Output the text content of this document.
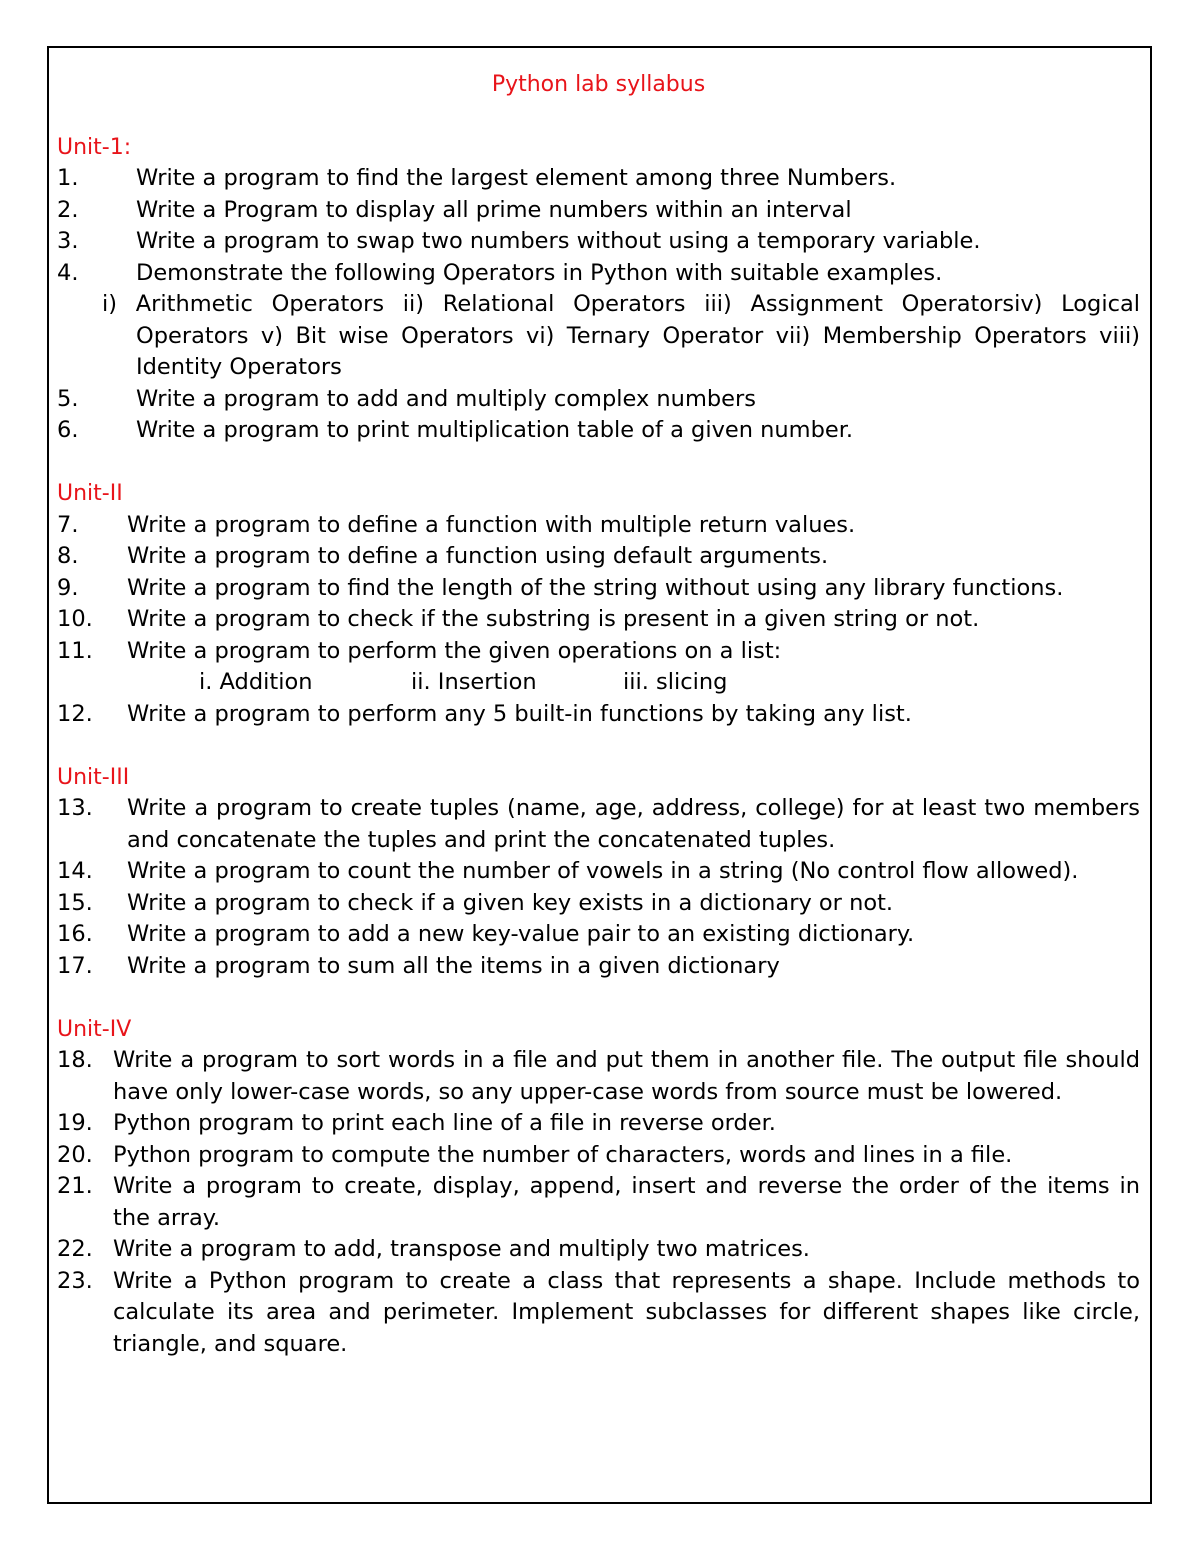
Python lab syllabus
Unit-1:
1.	Write a program to find the largest element among three Numbers.
2.	Write a Program to display all prime numbers within an interval
3.	Write a program to swap two numbers without using a temporary variable.
4.	Demonstrate the following Operators in Python with suitable examples.
i) Arithmetic Operators ii) Relational Operators iii) Assignment Operatorsiv) Logical Operators v) Bit wise Operators vi) Ternary Operator vii) Membership Operators viii) Identity Operators
5.	Write a program to add and multiply complex numbers
6.	Write a program to print multiplication table of a given number.
Unit-II
7.	Write a program to define a function with multiple return values.
8.	Write a program to define a function using default arguments.
9.	Write a program to find the length of the string without using any library functions.
10.	Write a program to check if the substring is present in a given string or not.
11.	Write a program to perform the given operations on a list:
i. Addition	ii. Insertion	iii. slicing
12.	Write a program to perform any 5 built-in functions by taking any list.
Unit-III
13.	Write a program to create tuples (name, age, address, college) for at least two members and concatenate the tuples and print the concatenated tuples.
14.	Write a program to count the number of vowels in a string (No control flow allowed).
15.	Write a program to check if a given key exists in a dictionary or not.
16.	Write a program to add a new key-value pair to an existing dictionary.
17.	Write a program to sum all the items in a given dictionary
Unit-IV
18. Write a program to sort words in a file and put them in another file. The output file should have only lower-case words, so any upper-case words from source must be lowered.
19. Python program to print each line of a file in reverse order.
20. Python program to compute the number of characters, words and lines in a file.
21. Write a program to create, display, append, insert and reverse the order of the items in the array.
22. Write a program to add, transpose and multiply two matrices.
23. Write a Python program to create a class that represents a shape. Include methods to calculate its area and perimeter. Implement subclasses for different shapes like circle, triangle, and square.
